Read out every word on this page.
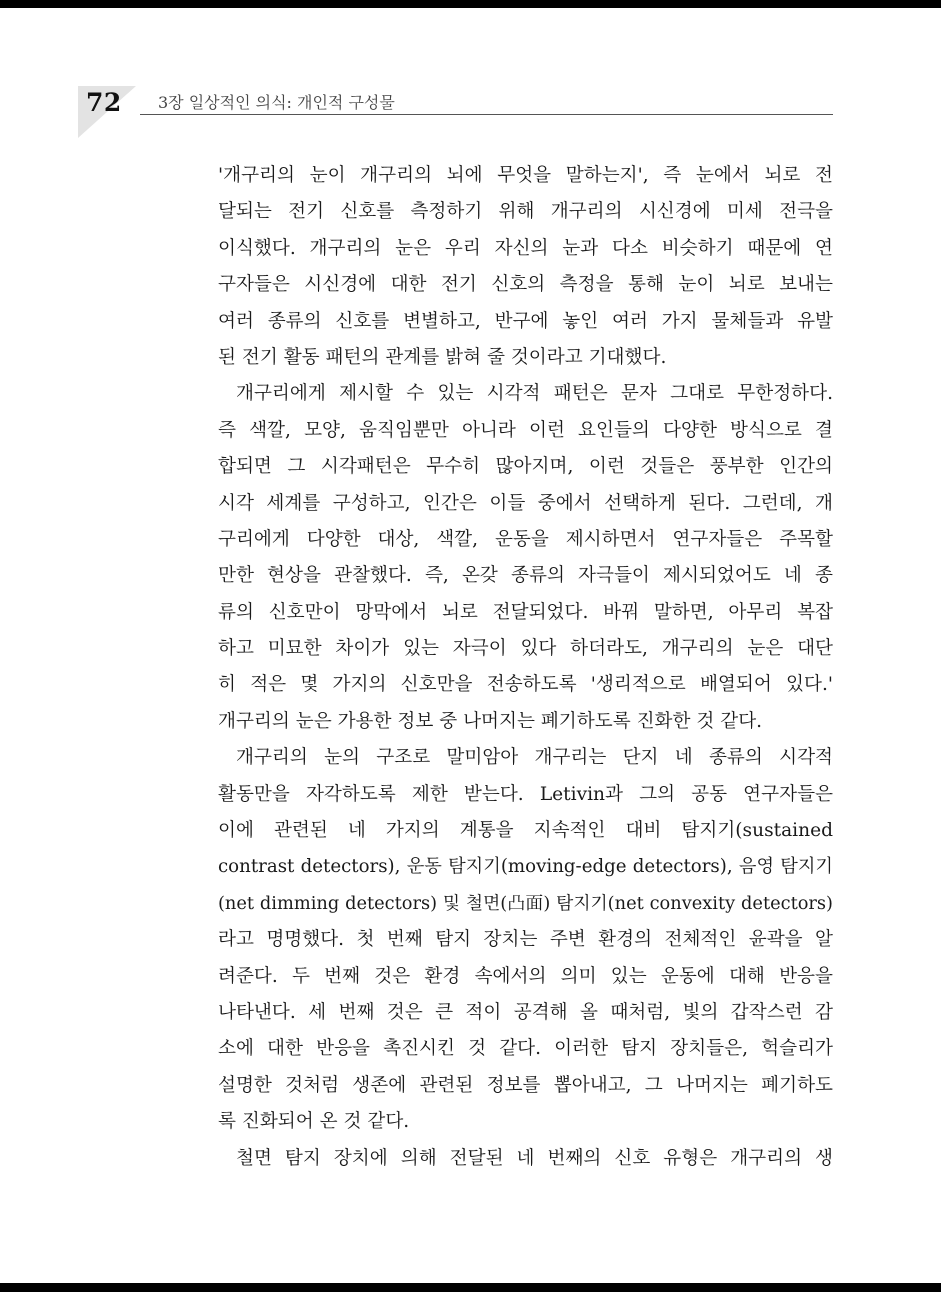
72 3장 일상적인 의식: 개인적 구성물
'개구리의 눈이 개구리의 뇌에 무엇을 말하는지', 즉 눈에서 뇌로 전
달되는 전기 신호를 측정하기 위해 개구리의 시신경에 미세 전극을
이식했다. 개구리의 눈은 우리 자신의 눈과 다소 비슷하기 때문에 연
구자들은 시신경에 대한 전기 신호의 측정을 통해 눈이 뇌로 보내는
여러 종류의 신호를 변별하고, 반구에 놓인 여러 가지 물체들과 유발
된 전기 활동 패턴의 관계를 밝혀 줄 것이라고 기대했다.
개구리에게 제시할 수 있는 시각적 패턴은 문자 그대로 무한정하다.
즉 색깔, 모양, 움직임뿐만 아니라 이런 요인들의 다양한 방식으로 결
합되면 그 시각패턴은 무수히 많아지며, 이런 것들은 풍부한 인간의
시각 세계를 구성하고, 인간은 이들 중에서 선택하게 된다. 그런데, 개
구리에게 다양한 대상, 색깔, 운동을 제시하면서 연구자들은 주목할
만한 현상을 관찰했다. 즉, 온갖 종류의 자극들이 제시되었어도 네 종
류의 신호만이 망막에서 뇌로 전달되었다. 바꿔 말하면, 아무리 복잡
하고 미묘한 차이가 있는 자극이 있다 하더라도, 개구리의 눈은 대단
히 적은 몇 가지의 신호만을 전송하도록 '생리적으로 배열되어 있다.'
개구리의 눈은 가용한 정보 중 나머지는 폐기하도록 진화한 것 같다.
개구리의 눈의 구조로 말미암아 개구리는 단지 네 종류의 시각적
활동만을 자각하도록 제한 받는다. Letivin과 그의 공동 연구자들은
이에 관련된 네 가지의 계통을 지속적인 대비 탐지기(sustained
contrast detectors), 운동 탐지기(moving-edge detectors), 음영 탐지기
(net dimming detectors) 및 철면(凸面) 탐지기(net convexity detectors)
라고 명명했다. 첫 번째 탐지 장치는 주변 환경의 전체적인 윤곽을 알
려준다. 두 번째 것은 환경 속에서의 의미 있는 운동에 대해 반응을
나타낸다. 세 번째 것은 큰 적이 공격해 올 때처럼, 빛의 갑작스런 감
소에 대한 반응을 촉진시킨 것 같다. 이러한 탐지 장치들은, 헉슬리가
설명한 것처럼 생존에 관련된 정보를 뽑아내고, 그 나머지는 폐기하도
록 진화되어 온 것 같다.
철면 탐지 장치에 의해 전달된 네 번째의 신호 유형은 개구리의 생
